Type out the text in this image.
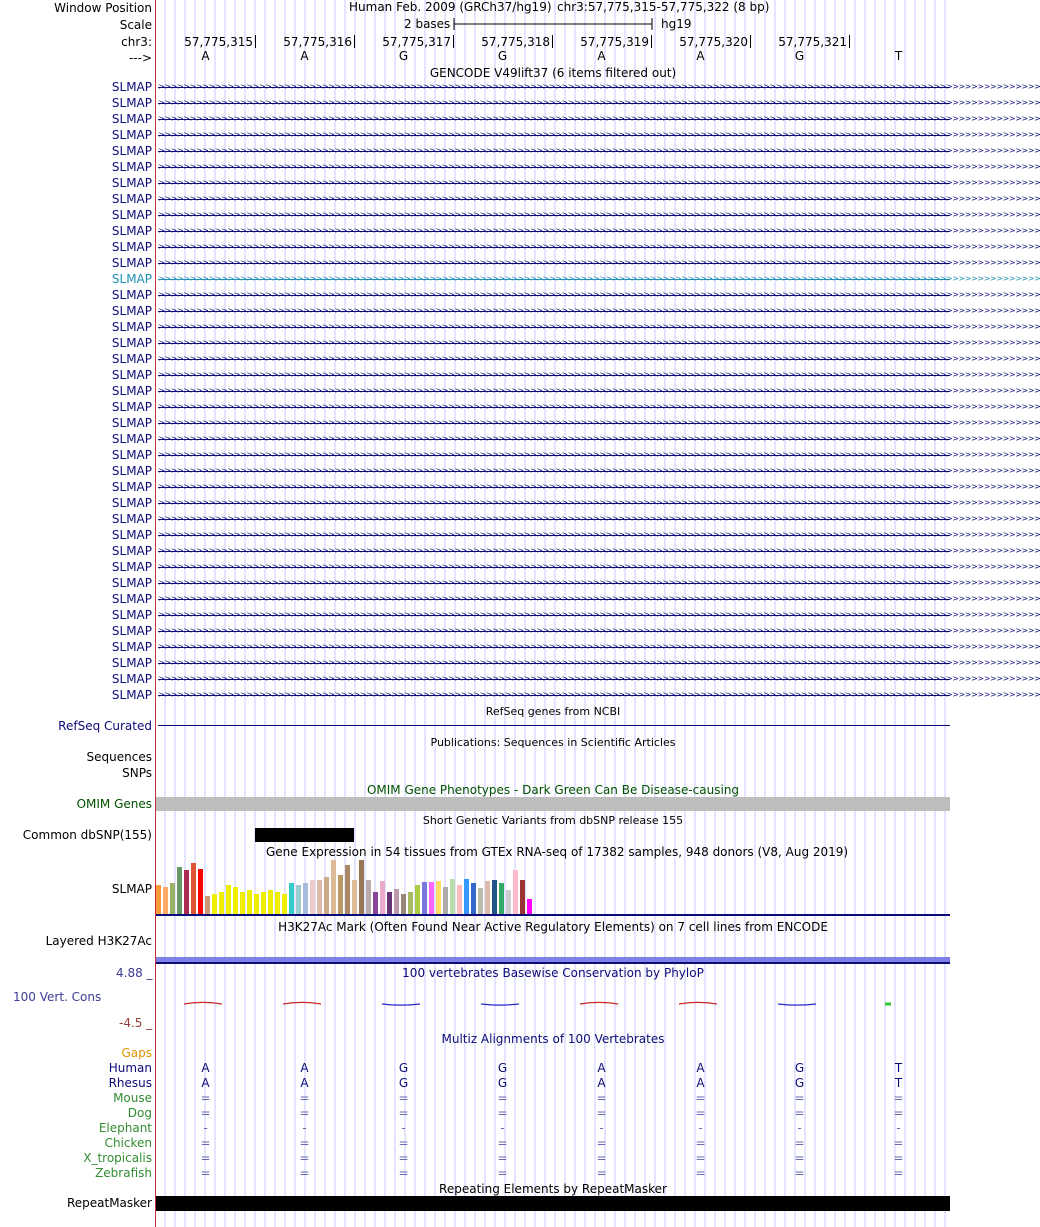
Window Position
Scale
chr3:
--->
Human Feb. 2009 (GRCh37/hg19) chr3:57,775,315-57,775,322 (8 bp)
2 bases	hg19
57,775,315	57,775,316	57,775,317	57,775,318	57,775,319	57,775,320	57,775,321
A	A	G	G	A	A	G	T
GENCODE V49lift37 (6 items filtered out)
SLMAP >>>>>>>>>>>>>>>>>>>>>>>>>>>>>>>>>>>>>>>>>>>>>>>>>>>>>>>>>>>>>>>>>>>>>>>>>>>>>>>>>>>>>>>>>>>>>>>>>>>>>>>>>>>>>>>>>>>>>>>>>>>>>>>>>>>>>>>>>>>>
SLMAP >>>>>>>>>>>>>>>>>>>>>>>>>>>>>>>>>>>>>>>>>>>>>>>>>>>>>>>>>>>>>>>>>>>>>>>>>>>>>>>>>>>>>>>>>>>>>>>>>>>>>>>>>>>>>>>>>>>>>>>>>>>>>>>>>>>>>>>>>>>>
SLMAP >>>>>>>>>>>>>>>>>>>>>>>>>>>>>>>>>>>>>>>>>>>>>>>>>>>>>>>>>>>>>>>>>>>>>>>>>>>>>>>>>>>>>>>>>>>>>>>>>>>>>>>>>>>>>>>>>>>>>>>>>>>>>>>>>>>>>>>>>>>>
SLMAP >>>>>>>>>>>>>>>>>>>>>>>>>>>>>>>>>>>>>>>>>>>>>>>>>>>>>>>>>>>>>>>>>>>>>>>>>>>>>>>>>>>>>>>>>>>>>>>>>>>>>>>>>>>>>>>>>>>>>>>>>>>>>>>>>>>>>>>>>>>>
SLMAP >>>>>>>>>>>>>>>>>>>>>>>>>>>>>>>>>>>>>>>>>>>>>>>>>>>>>>>>>>>>>>>>>>>>>>>>>>>>>>>>>>>>>>>>>>>>>>>>>>>>>>>>>>>>>>>>>>>>>>>>>>>>>>>>>>>>>>>>>>>>
SLMAP >>>>>>>>>>>>>>>>>>>>>>>>>>>>>>>>>>>>>>>>>>>>>>>>>>>>>>>>>>>>>>>>>>>>>>>>>>>>>>>>>>>>>>>>>>>>>>>>>>>>>>>>>>>>>>>>>>>>>>>>>>>>>>>>>>>>>>>>>>>>
SLMAP >>>>>>>>>>>>>>>>>>>>>>>>>>>>>>>>>>>>>>>>>>>>>>>>>>>>>>>>>>>>>>>>>>>>>>>>>>>>>>>>>>>>>>>>>>>>>>>>>>>>>>>>>>>>>>>>>>>>>>>>>>>>>>>>>>>>>>>>>>>>
SLMAP >>>>>>>>>>>>>>>>>>>>>>>>>>>>>>>>>>>>>>>>>>>>>>>>>>>>>>>>>>>>>>>>>>>>>>>>>>>>>>>>>>>>>>>>>>>>>>>>>>>>>>>>>>>>>>>>>>>>>>>>>>>>>>>>>>>>>>>>>>>>
SLMAP >>>>>>>>>>>>>>>>>>>>>>>>>>>>>>>>>>>>>>>>>>>>>>>>>>>>>>>>>>>>>>>>>>>>>>>>>>>>>>>>>>>>>>>>>>>>>>>>>>>>>>>>>>>>>>>>>>>>>>>>>>>>>>>>>>>>>>>>>>>>
SLMAP >>>>>>>>>>>>>>>>>>>>>>>>>>>>>>>>>>>>>>>>>>>>>>>>>>>>>>>>>>>>>>>>>>>>>>>>>>>>>>>>>>>>>>>>>>>>>>>>>>>>>>>>>>>>>>>>>>>>>>>>>>>>>>>>>>>>>>>>>>>>
SLMAP >>>>>>>>>>>>>>>>>>>>>>>>>>>>>>>>>>>>>>>>>>>>>>>>>>>>>>>>>>>>>>>>>>>>>>>>>>>>>>>>>>>>>>>>>>>>>>>>>>>>>>>>>>>>>>>>>>>>>>>>>>>>>>>>>>>>>>>>>>>>
SLMAP >>>>>>>>>>>>>>>>>>>>>>>>>>>>>>>>>>>>>>>>>>>>>>>>>>>>>>>>>>>>>>>>>>>>>>>>>>>>>>>>>>>>>>>>>>>>>>>>>>>>>>>>>>>>>>>>>>>>>>>>>>>>>>>>>>>>>>>>>>>>
SLMAP >>>>>>>>>>>>>>>>>>>>>>>>>>>>>>>>>>>>>>>>>>>>>>>>>>>>>>>>>>>>>>>>>>>>>>>>>>>>>>>>>>>>>>>>>>>>>>>>>>>>>>>>>>>>>>>>>>>>>>>>>>>>>>>>>>>>>>>>>>>>
SLMAP >>>>>>>>>>>>>>>>>>>>>>>>>>>>>>>>>>>>>>>>>>>>>>>>>>>>>>>>>>>>>>>>>>>>>>>>>>>>>>>>>>>>>>>>>>>>>>>>>>>>>>>>>>>>>>>>>>>>>>>>>>>>>>>>>>>>>>>>>>>>
SLMAP >>>>>>>>>>>>>>>>>>>>>>>>>>>>>>>>>>>>>>>>>>>>>>>>>>>>>>>>>>>>>>>>>>>>>>>>>>>>>>>>>>>>>>>>>>>>>>>>>>>>>>>>>>>>>>>>>>>>>>>>>>>>>>>>>>>>>>>>>>>>
SLMAP >>>>>>>>>>>>>>>>>>>>>>>>>>>>>>>>>>>>>>>>>>>>>>>>>>>>>>>>>>>>>>>>>>>>>>>>>>>>>>>>>>>>>>>>>>>>>>>>>>>>>>>>>>>>>>>>>>>>>>>>>>>>>>>>>>>>>>>>>>>>
SLMAP >>>>>>>>>>>>>>>>>>>>>>>>>>>>>>>>>>>>>>>>>>>>>>>>>>>>>>>>>>>>>>>>>>>>>>>>>>>>>>>>>>>>>>>>>>>>>>>>>>>>>>>>>>>>>>>>>>>>>>>>>>>>>>>>>>>>>>>>>>>>
SLMAP >>>>>>>>>>>>>>>>>>>>>>>>>>>>>>>>>>>>>>>>>>>>>>>>>>>>>>>>>>>>>>>>>>>>>>>>>>>>>>>>>>>>>>>>>>>>>>>>>>>>>>>>>>>>>>>>>>>>>>>>>>>>>>>>>>>>>>>>>>>>
SLMAP >>>>>>>>>>>>>>>>>>>>>>>>>>>>>>>>>>>>>>>>>>>>>>>>>>>>>>>>>>>>>>>>>>>>>>>>>>>>>>>>>>>>>>>>>>>>>>>>>>>>>>>>>>>>>>>>>>>>>>>>>>>>>>>>>>>>>>>>>>>>
SLMAP >>>>>>>>>>>>>>>>>>>>>>>>>>>>>>>>>>>>>>>>>>>>>>>>>>>>>>>>>>>>>>>>>>>>>>>>>>>>>>>>>>>>>>>>>>>>>>>>>>>>>>>>>>>>>>>>>>>>>>>>>>>>>>>>>>>>>>>>>>>>
SLMAP >>>>>>>>>>>>>>>>>>>>>>>>>>>>>>>>>>>>>>>>>>>>>>>>>>>>>>>>>>>>>>>>>>>>>>>>>>>>>>>>>>>>>>>>>>>>>>>>>>>>>>>>>>>>>>>>>>>>>>>>>>>>>>>>>>>>>>>>>>>>
SLMAP >>>>>>>>>>>>>>>>>>>>>>>>>>>>>>>>>>>>>>>>>>>>>>>>>>>>>>>>>>>>>>>>>>>>>>>>>>>>>>>>>>>>>>>>>>>>>>>>>>>>>>>>>>>>>>>>>>>>>>>>>>>>>>>>>>>>>>>>>>>>
SLMAP >>>>>>>>>>>>>>>>>>>>>>>>>>>>>>>>>>>>>>>>>>>>>>>>>>>>>>>>>>>>>>>>>>>>>>>>>>>>>>>>>>>>>>>>>>>>>>>>>>>>>>>>>>>>>>>>>>>>>>>>>>>>>>>>>>>>>>>>>>>>
SLMAP >>>>>>>>>>>>>>>>>>>>>>>>>>>>>>>>>>>>>>>>>>>>>>>>>>>>>>>>>>>>>>>>>>>>>>>>>>>>>>>>>>>>>>>>>>>>>>>>>>>>>>>>>>>>>>>>>>>>>>>>>>>>>>>>>>>>>>>>>>>>
SLMAP >>>>>>>>>>>>>>>>>>>>>>>>>>>>>>>>>>>>>>>>>>>>>>>>>>>>>>>>>>>>>>>>>>>>>>>>>>>>>>>>>>>>>>>>>>>>>>>>>>>>>>>>>>>>>>>>>>>>>>>>>>>>>>>>>>>>>>>>>>>>
SLMAP >>>>>>>>>>>>>>>>>>>>>>>>>>>>>>>>>>>>>>>>>>>>>>>>>>>>>>>>>>>>>>>>>>>>>>>>>>>>>>>>>>>>>>>>>>>>>>>>>>>>>>>>>>>>>>>>>>>>>>>>>>>>>>>>>>>>>>>>>>>>
SLMAP >>>>>>>>>>>>>>>>>>>>>>>>>>>>>>>>>>>>>>>>>>>>>>>>>>>>>>>>>>>>>>>>>>>>>>>>>>>>>>>>>>>>>>>>>>>>>>>>>>>>>>>>>>>>>>>>>>>>>>>>>>>>>>>>>>>>>>>>>>>>
SLMAP >>>>>>>>>>>>>>>>>>>>>>>>>>>>>>>>>>>>>>>>>>>>>>>>>>>>>>>>>>>>>>>>>>>>>>>>>>>>>>>>>>>>>>>>>>>>>>>>>>>>>>>>>>>>>>>>>>>>>>>>>>>>>>>>>>>>>>>>>>>>
SLMAP >>>>>>>>>>>>>>>>>>>>>>>>>>>>>>>>>>>>>>>>>>>>>>>>>>>>>>>>>>>>>>>>>>>>>>>>>>>>>>>>>>>>>>>>>>>>>>>>>>>>>>>>>>>>>>>>>>>>>>>>>>>>>>>>>>>>>>>>>>>>
SLMAP >>>>>>>>>>>>>>>>>>>>>>>>>>>>>>>>>>>>>>>>>>>>>>>>>>>>>>>>>>>>>>>>>>>>>>>>>>>>>>>>>>>>>>>>>>>>>>>>>>>>>>>>>>>>>>>>>>>>>>>>>>>>>>>>>>>>>>>>>>>>
SLMAP >>>>>>>>>>>>>>>>>>>>>>>>>>>>>>>>>>>>>>>>>>>>>>>>>>>>>>>>>>>>>>>>>>>>>>>>>>>>>>>>>>>>>>>>>>>>>>>>>>>>>>>>>>>>>>>>>>>>>>>>>>>>>>>>>>>>>>>>>>>>
SLMAP >>>>>>>>>>>>>>>>>>>>>>>>>>>>>>>>>>>>>>>>>>>>>>>>>>>>>>>>>>>>>>>>>>>>>>>>>>>>>>>>>>>>>>>>>>>>>>>>>>>>>>>>>>>>>>>>>>>>>>>>>>>>>>>>>>>>>>>>>>>>
SLMAP >>>>>>>>>>>>>>>>>>>>>>>>>>>>>>>>>>>>>>>>>>>>>>>>>>>>>>>>>>>>>>>>>>>>>>>>>>>>>>>>>>>>>>>>>>>>>>>>>>>>>>>>>>>>>>>>>>>>>>>>>>>>>>>>>>>>>>>>>>>>
SLMAP >>>>>>>>>>>>>>>>>>>>>>>>>>>>>>>>>>>>>>>>>>>>>>>>>>>>>>>>>>>>>>>>>>>>>>>>>>>>>>>>>>>>>>>>>>>>>>>>>>>>>>>>>>>>>>>>>>>>>>>>>>>>>>>>>>>>>>>>>>>>
SLMAP >>>>>>>>>>>>>>>>>>>>>>>>>>>>>>>>>>>>>>>>>>>>>>>>>>>>>>>>>>>>>>>>>>>>>>>>>>>>>>>>>>>>>>>>>>>>>>>>>>>>>>>>>>>>>>>>>>>>>>>>>>>>>>>>>>>>>>>>>>>>
SLMAP >>>>>>>>>>>>>>>>>>>>>>>>>>>>>>>>>>>>>>>>>>>>>>>>>>>>>>>>>>>>>>>>>>>>>>>>>>>>>>>>>>>>>>>>>>>>>>>>>>>>>>>>>>>>>>>>>>>>>>>>>>>>>>>>>>>>>>>>>>>>
SLMAP >>>>>>>>>>>>>>>>>>>>>>>>>>>>>>>>>>>>>>>>>>>>>>>>>>>>>>>>>>>>>>>>>>>>>>>>>>>>>>>>>>>>>>>>>>>>>>>>>>>>>>>>>>>>>>>>>>>>>>>>>>>>>>>>>>>>>>>>>>>>
SLMAP >>>>>>>>>>>>>>>>>>>>>>>>>>>>>>>>>>>>>>>>>>>>>>>>>>>>>>>>>>>>>>>>>>>>>>>>>>>>>>>>>>>>>>>>>>>>>>>>>>>>>>>>>>>>>>>>>>>>>>>>>>>>>>>>>>>>>>>>>>>>
SLMAP >>>>>>>>>>>>>>>>>>>>>>>>>>>>>>>>>>>>>>>>>>>>>>>>>>>>>>>>>>>>>>>>>>>>>>>>>>>>>>>>>>>>>>>>>>>>>>>>>>>>>>>>>>>>>>>>>>>>>>>>>>>>>>>>>>>>>>>>>>>>
RefSeq genes from NCBI
RefSeq Curated
Publications: Sequences in Scientific Articles
Sequences
SNPs
OMIM Gene Phenotypes - Dark Green Can Be Disease-causing
OMIM Genes
Short Genetic Variants from dbSNP release 155
Common dbSNP(155)
Gene Expression in 54 tissues from GTEx RNA-seq of 17382 samples, 948 donors (V8, Aug 2019)
SLMAP
H3K27Ac Mark (Often Found Near Active Regulatory Elements) on 7 cell lines from ENCODE
Layered H3K27Ac
4.88 _	100 vertebrates Basewise Conservation by PhyloP
100 Vert. Cons
-4.5 _
Multiz Alignments of 100 Vertebrates
Gaps
Human	A	A	G	G	A	A	G	T
Rhesus	A	A	G	G	A	A	G	T
Mouse	=	=	=	=	=	=	=	=
Dog	=	=	=	=	=	=	=	=
Elephant	-	-	-	-	-	-	-	-
Chicken	=	=	=	=	=	=	=	=
X_tropicalis	=	=	=	=	=	=	=	=
Zebrafish	=	=	=	=	=	=	=	=
Repeating Elements by RepeatMasker
RepeatMasker
